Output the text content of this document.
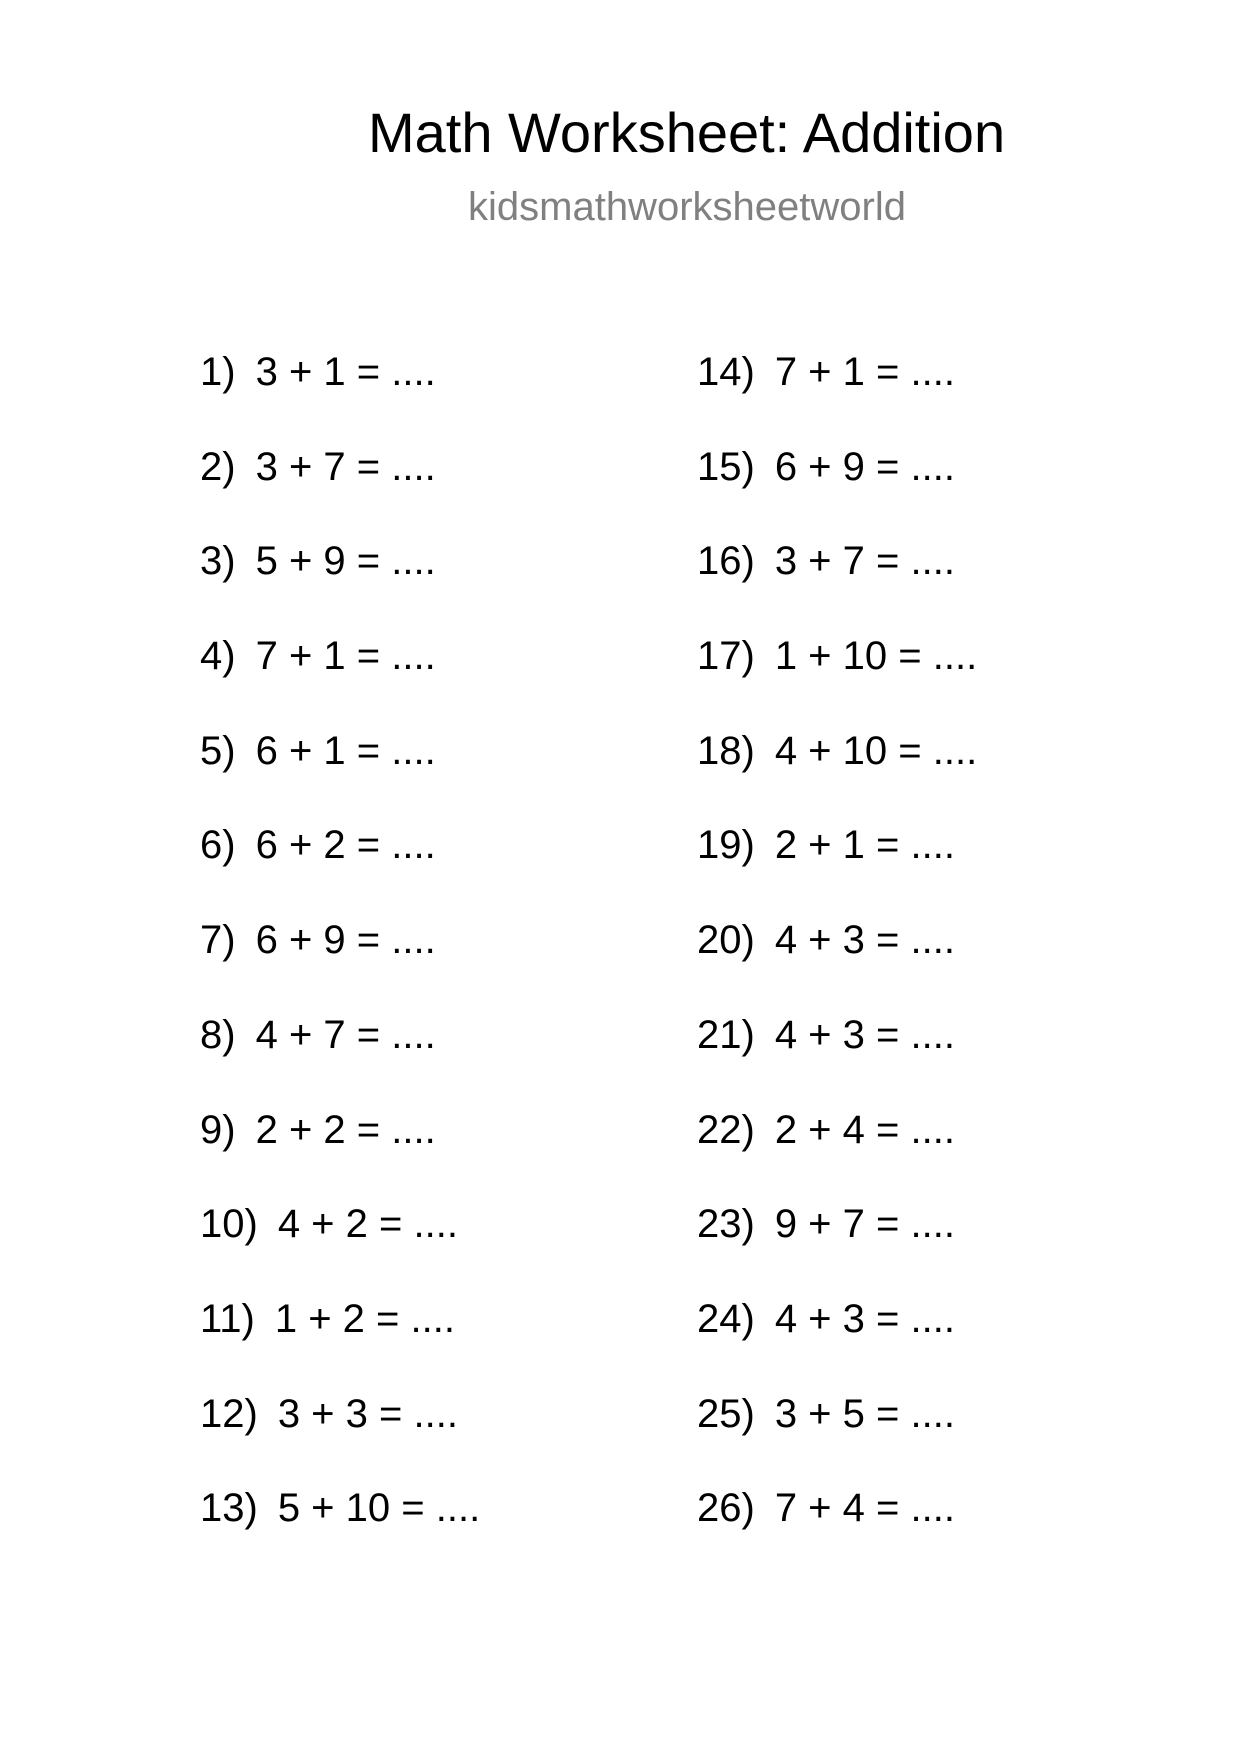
Math Worksheet: Addition
kidsmathworksheetworld
1) 3 + 1 = ....
2) 3 + 7 = ....
3) 5 + 9 = ....
4) 7 + 1 = ....
5) 6 + 1 = ....
6) 6 + 2 = ....
7) 6 + 9 = ....
8) 4 + 7 = ....
9) 2 + 2 = ....
10) 4 + 2 = ....
11) 1 + 2 = ....
12) 3 + 3 = ....
13) 5 + 10 = ....
14) 7 + 1 = ....
15) 6 + 9 = ....
16) 3 + 7 = ....
17) 1 + 10 = ....
18) 4 + 10 = ....
19) 2 + 1 = ....
20) 4 + 3 = ....
21) 4 + 3 = ....
22) 2 + 4 = ....
23) 9 + 7 = ....
24) 4 + 3 = ....
25) 3 + 5 = ....
26) 7 + 4 = ....
